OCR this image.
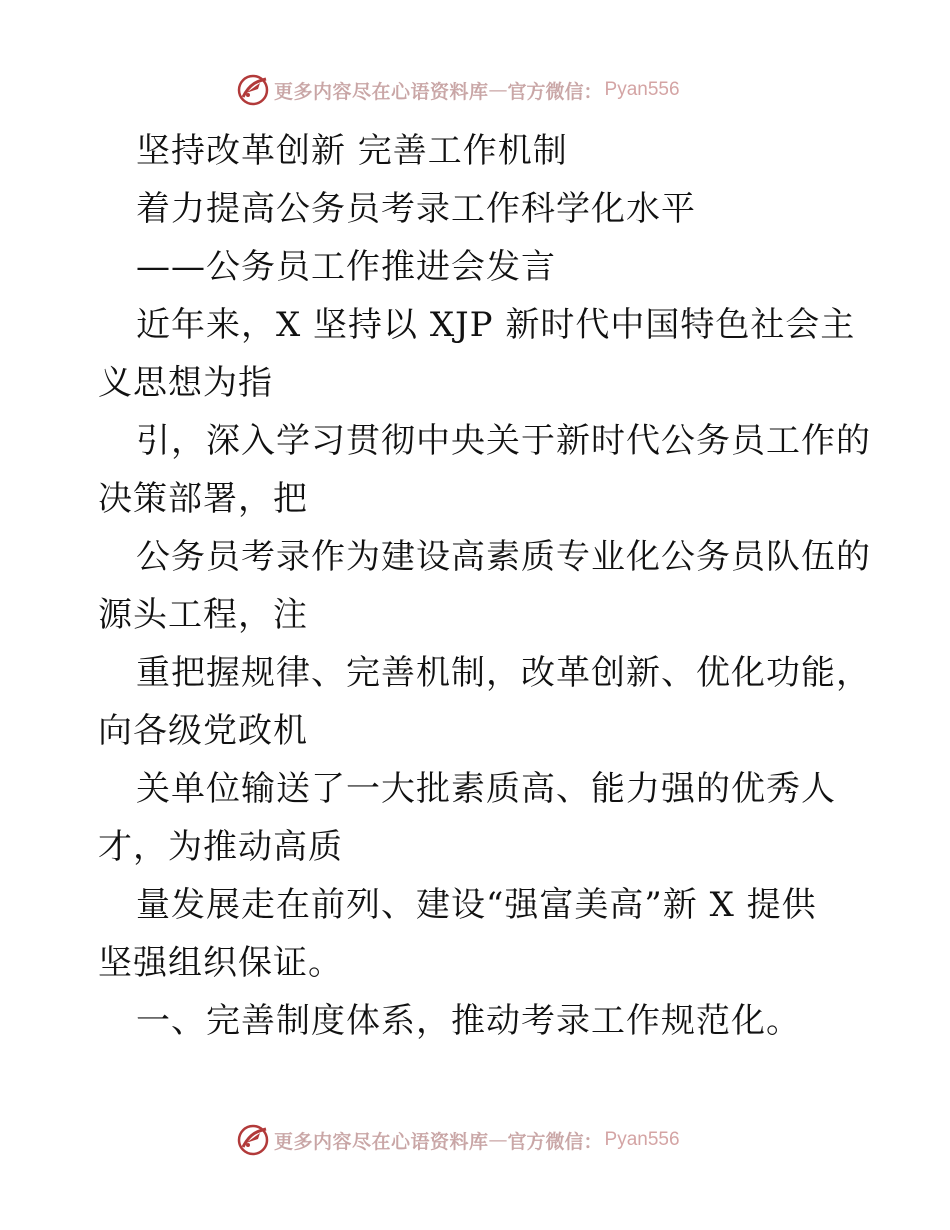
更多内容尽在心语资料库 — 官方微信： Pyan556

坚持改革创新 完善工作机制

着力提高公务员考录工作科学化水平

——公务员工作推进会发言

近年来，X 坚持以 XJP 新时代中国特色社会主

义思想为指

引，深入学习贯彻中央关于新时代公务员工作的

决策部署，把

公务员考录作为建设高素质专业化公务员队伍的

源头工程，注

重把握规律、完善机制，改革创新、优化功能，

向各级党政机

关单位输送了一大批素质高、能力强的优秀人

才，为推动高质

量发展走在前列、建设“强富美高”新 X 提供

坚强组织保证。

一、完善制度体系，推动考录工作规范化。

更多内容尽在心语资料库 — 官方微信： Pyan556
